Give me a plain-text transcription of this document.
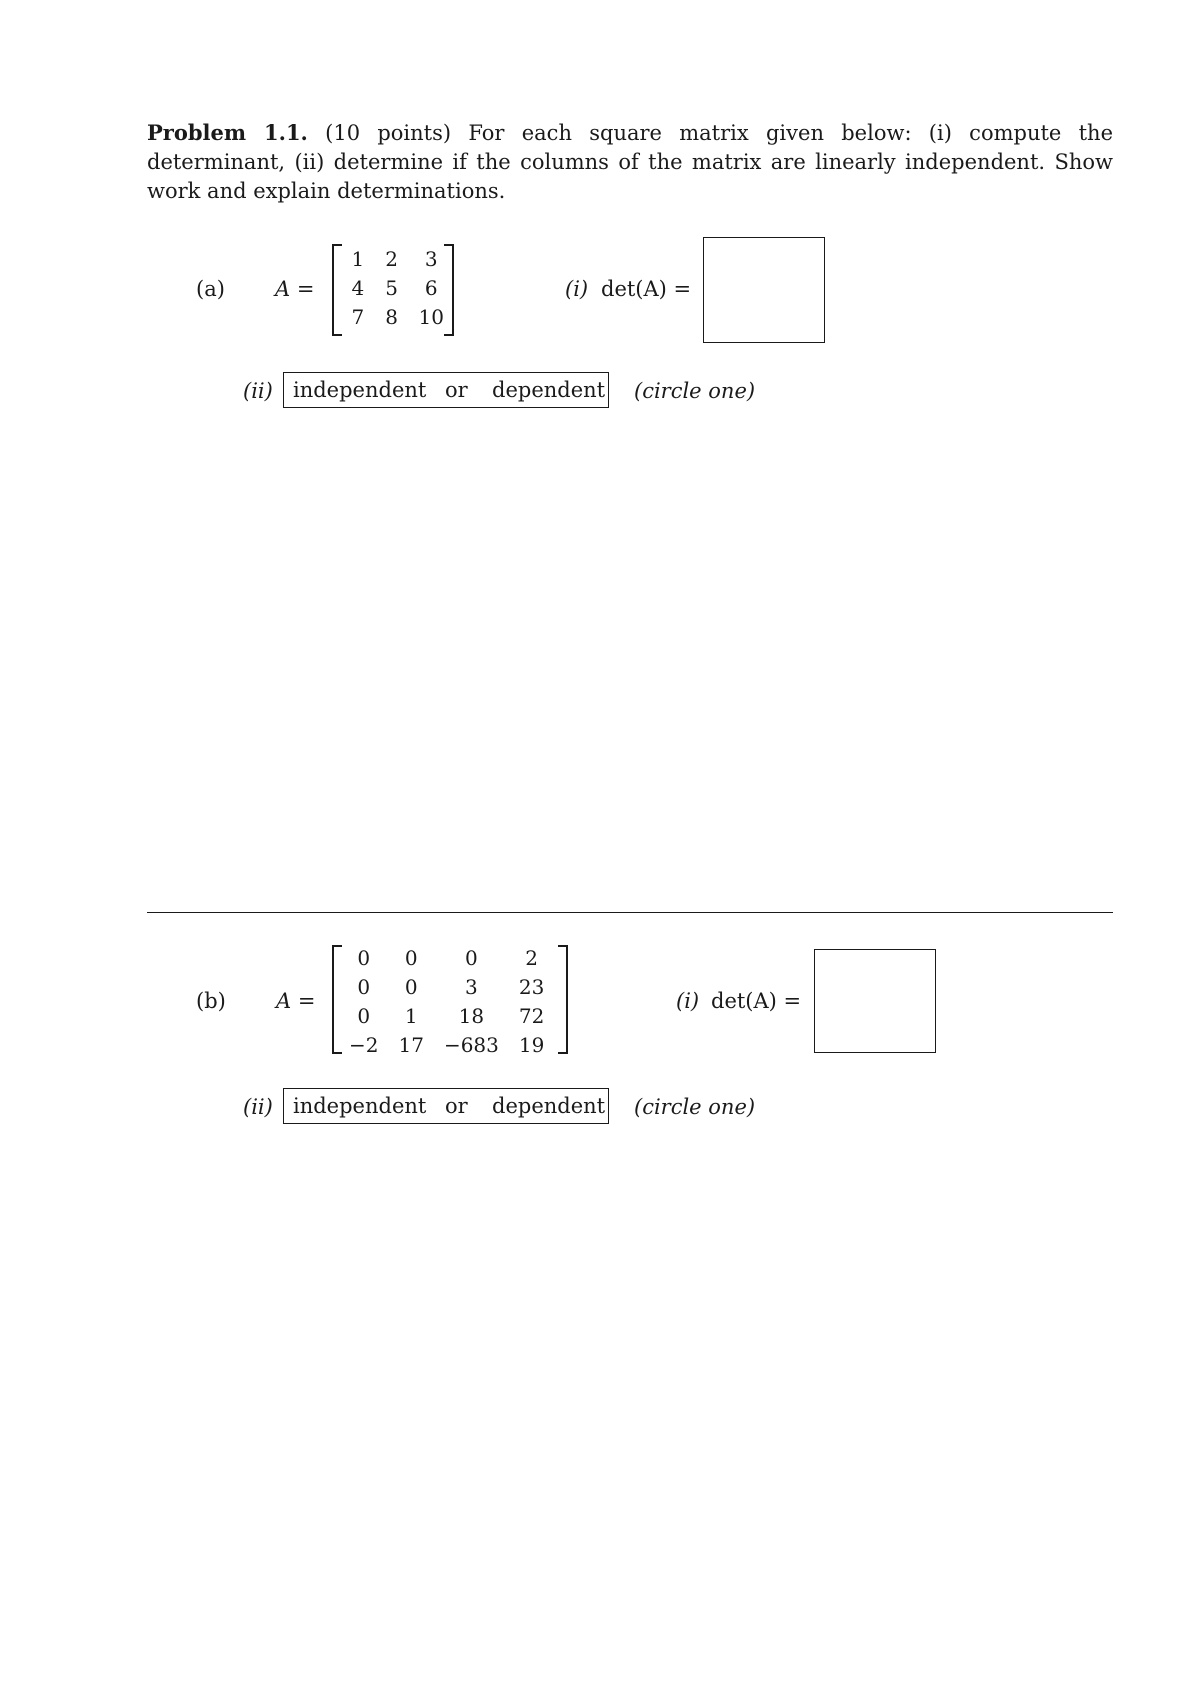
Problem 1.1. (10 points) For each square matrix given below: (i) compute the determinant, (ii) determine if the columns of the matrix are linearly independent. Show work and explain determinations.
(a) A =
1	2	3
4	5	6
7	8	10
(i) det(A) =
(ii) independent or dependent (circle one)
(b) A =
0	0	0	2
0	0	3	23
0	1	18	72
−2	17	−683	19
(i) det(A) =
(ii) independent or dependent (circle one)
